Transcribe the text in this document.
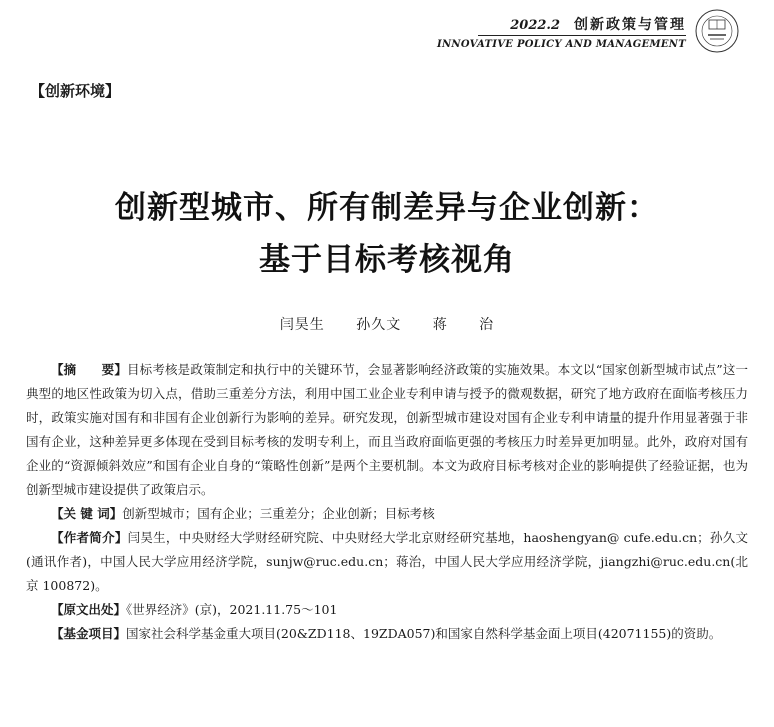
2022.2 创新政策与管理
INNOVATIVE POLICY AND MANAGEMENT
【创新环境】
创新型城市、所有制差异与企业创新：
基于目标考核视角
闫昊生 孙久文 蒋 治

【摘　　要】目标考核是政策制定和执行中的关键环节，会显著影响经济政策的实施效果。本文以“国家创新型城市试点”这一典型的地区性政策为切入点，借助三重差分方法，利用中国工业企业专利申请与授予的微观数据，研究了地方政府在面临考核压力时，政策实施对国有和非国有企业创新行为影响的差异。研究发现，创新型城市建设对国有企业专利申请量的提升作用显著强于非国有企业，这种差异更多体现在受到目标考核的发明专利上，而且当政府面临更强的考核压力时差异更加明显。此外，政府对国有企业的“资源倾斜效应”和国有企业自身的“策略性创新”是两个主要机制。本文为政府目标考核对企业的影响提供了经验证据，也为创新型城市建设提供了政策启示。

【关 键 词】创新型城市；国有企业；三重差分；企业创新；目标考核

【作者简介】闫昊生，中央财经大学财经研究院、中央财经大学北京财经研究基地，haoshengyan@ cufe.edu.cn；孙久文(通讯作者)，中国人民大学应用经济学院，sunjw@ruc.edu.cn；蒋治，中国人民大学应用经济学院，jiangzhi@ruc.edu.cn(北京 100872)。

【原文出处】《世界经济》(京)，2021.11.75～101

【基金项目】国家社会科学基金重大项目(20&ZD118、19ZDA057)和国家自然科学基金面上项目(42071155)的资助。
